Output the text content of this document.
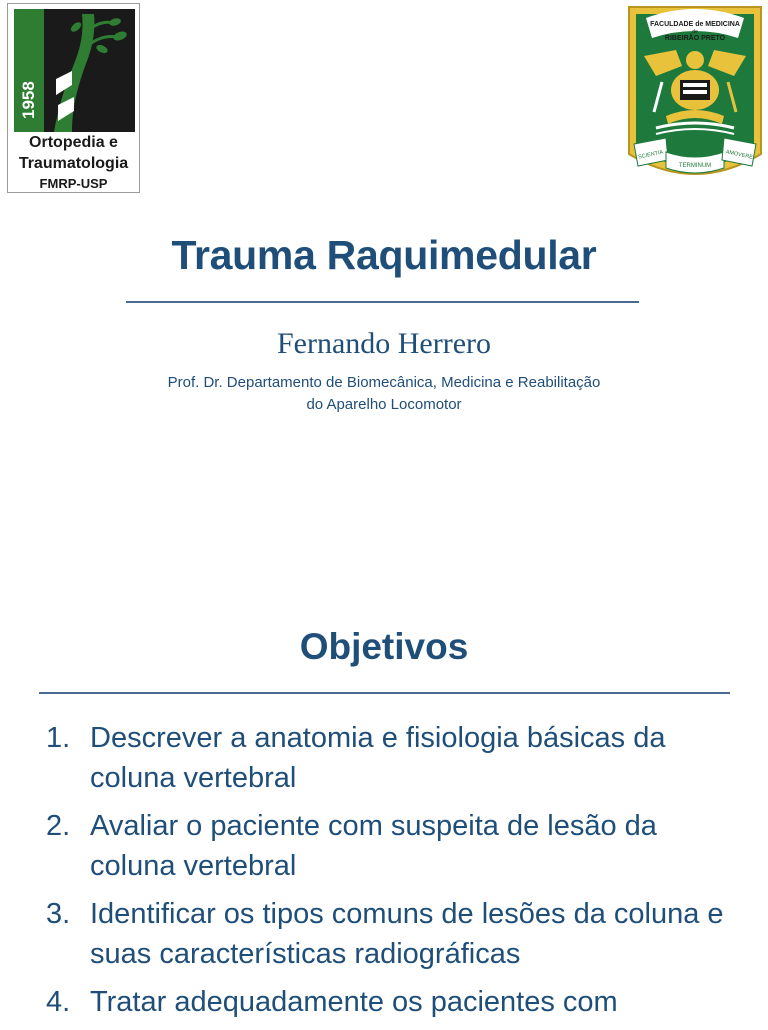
1958
Ortopedia e
Traumatologia
FMRP-USP
FACULDADE de MEDICINA
de
RIBEIRÃO PRETO
SCIENTIA
TERMINUM
AMOVERE
Trauma Raquimedular
Fernando Herrero
Prof. Dr. Departamento de Biomecânica, Medicina e Reabilitação
do Aparelho Locomotor
Objetivos
1. Descrever a anatomia e fisiologia básicas da coluna vertebral
2. Avaliar o paciente com suspeita de lesão da coluna vertebral
3. Identificar os tipos comuns de lesões da coluna e suas características radiográficas
4. Tratar adequadamente os pacientes com
